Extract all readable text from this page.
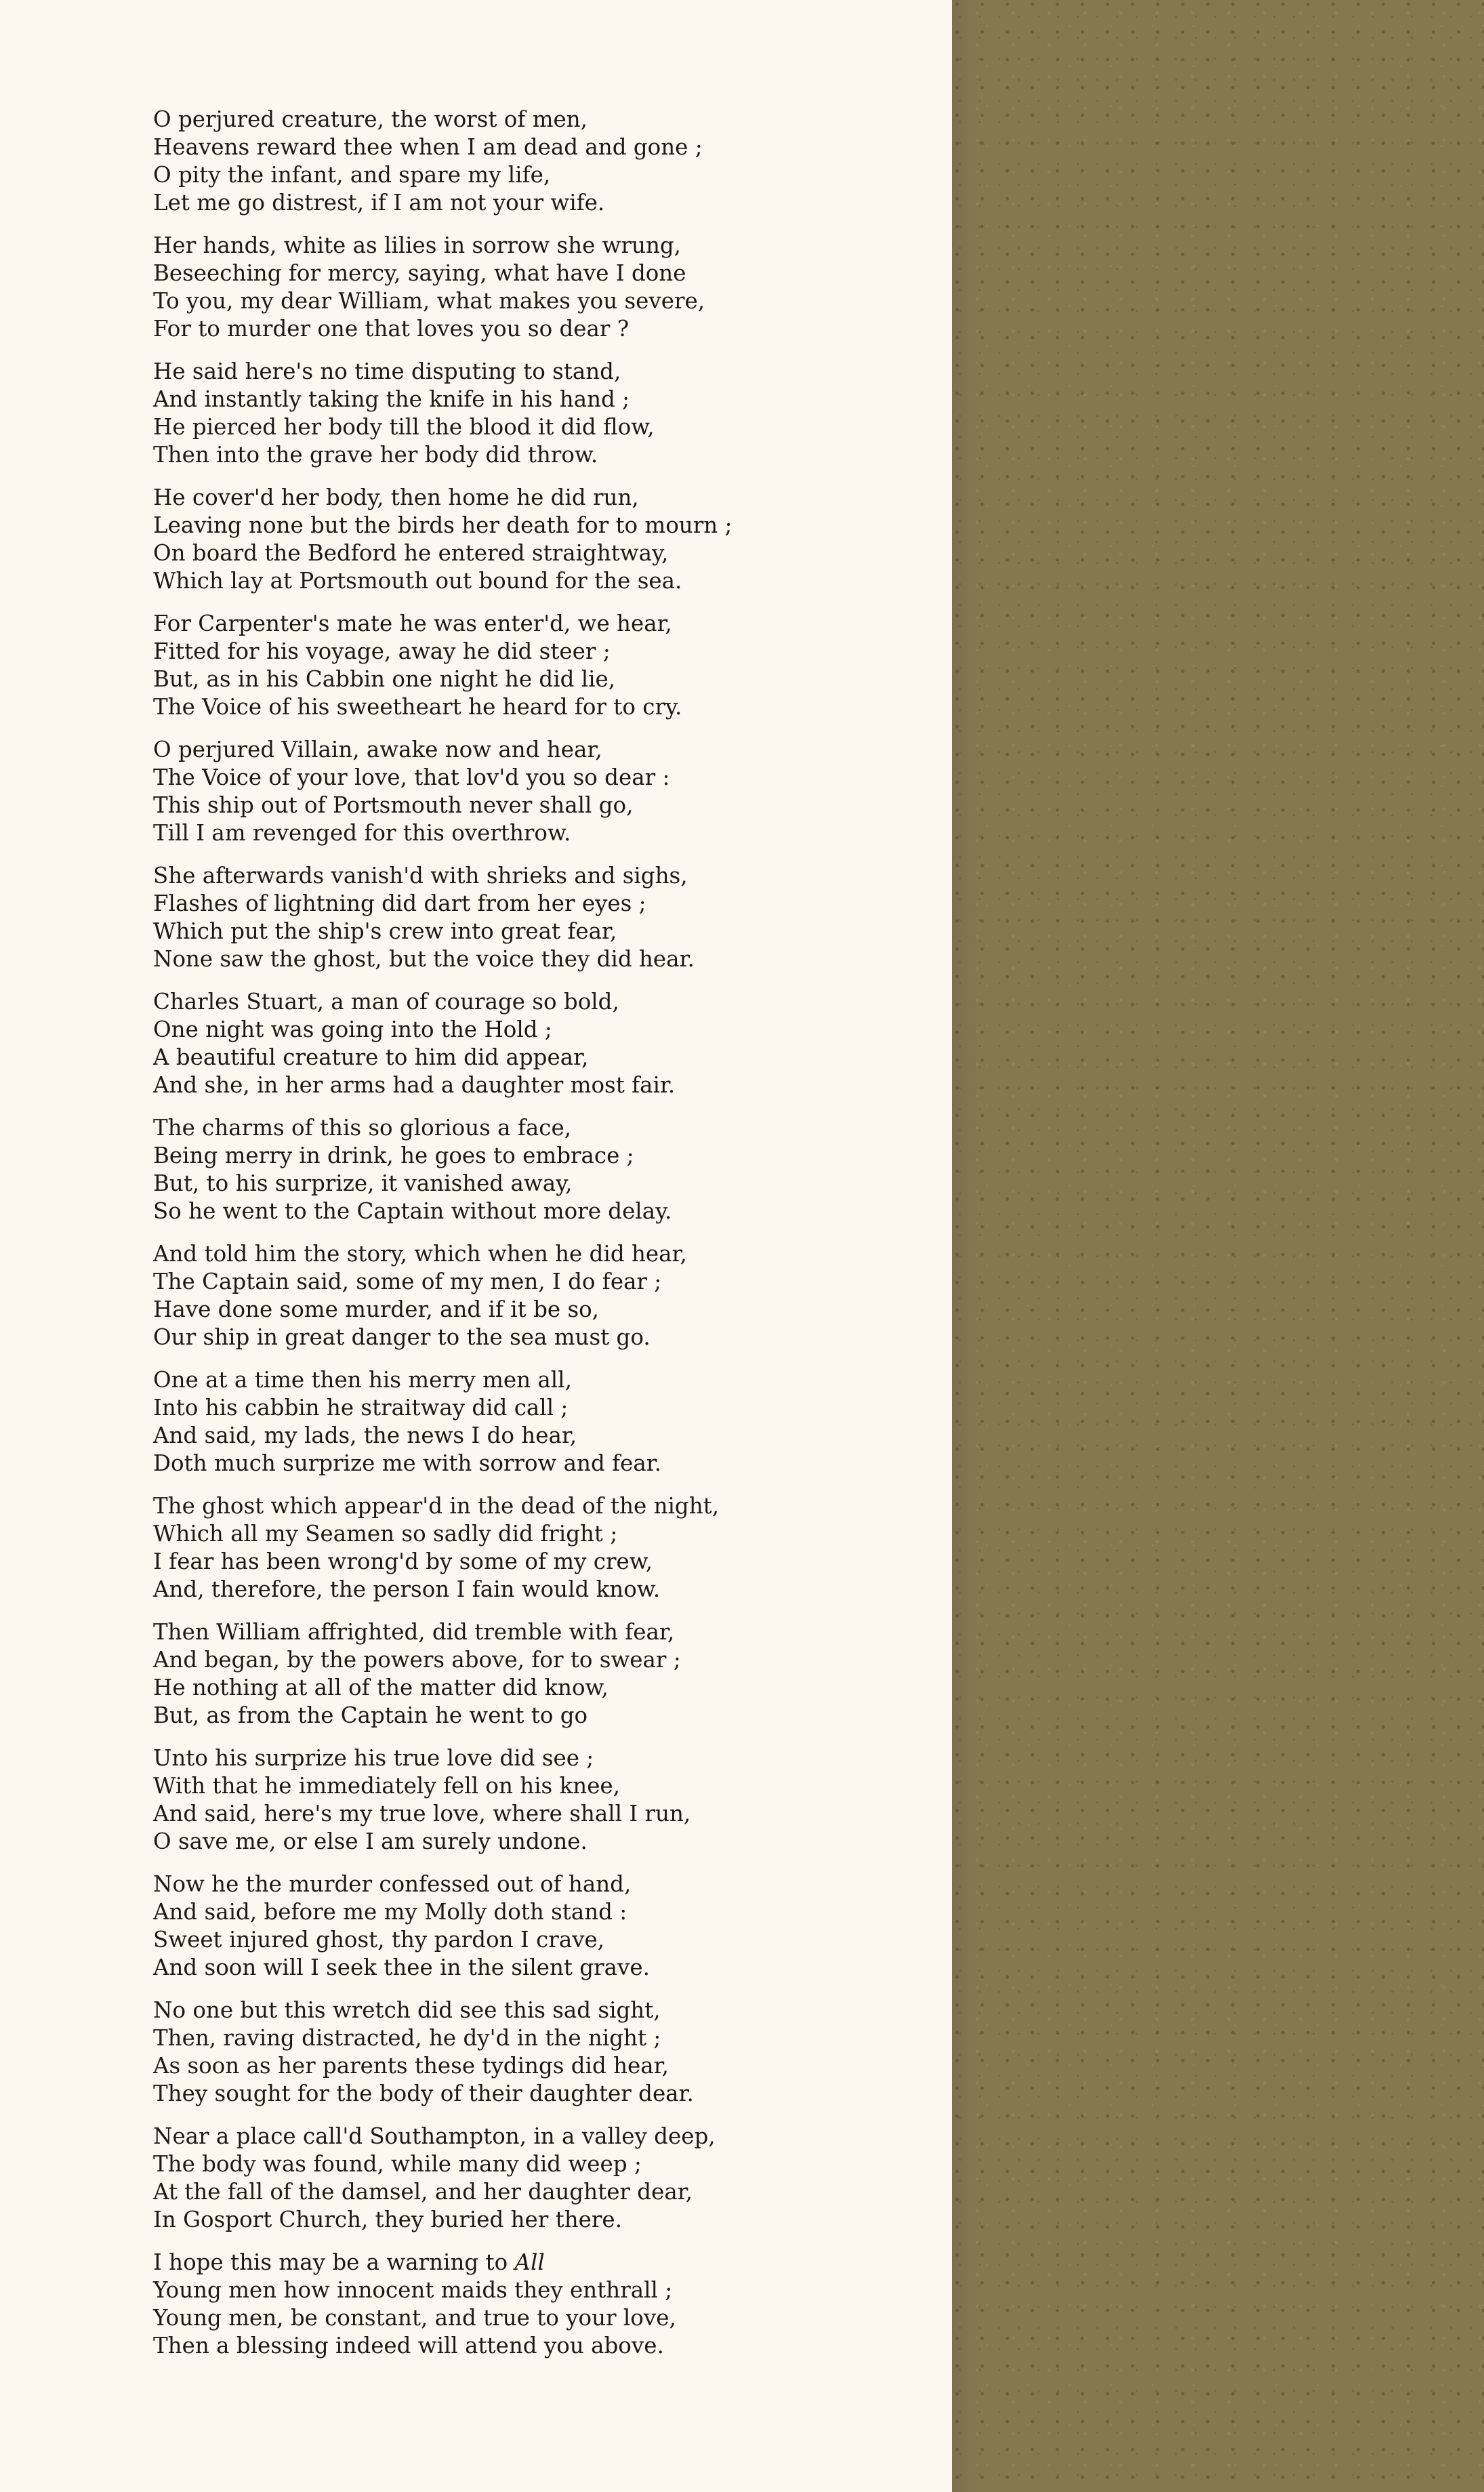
O perjured creature, the worst of men,
Heavens reward thee when I am dead and gone ;
O pity the infant, and spare my life,
Let me go distrest, if I am not your wife.
Her hands, white as lilies in sorrow she wrung,
Beseeching for mercy, saying, what have I done
To you, my dear William, what makes you severe,
For to murder one that loves you so dear ?
He said here's no time disputing to stand,
And instantly taking the knife in his hand ;
He pierced her body till the blood it did flow,
Then into the grave her body did throw.
He cover'd her body, then home he did run,
Leaving none but the birds her death for to mourn ;
On board the Bedford he entered straightway,
Which lay at Portsmouth out bound for the sea.
For Carpenter's mate he was enter'd, we hear,
Fitted for his voyage, away he did steer ;
But, as in his Cabbin one night he did lie,
The Voice of his sweetheart he heard for to cry.
O perjured Villain, awake now and hear,
The Voice of your love, that lov'd you so dear :
This ship out of Portsmouth never shall go,
Till I am revenged for this overthrow.
She afterwards vanish'd with shrieks and sighs,
Flashes of lightning did dart from her eyes ;
Which put the ship's crew into great fear,
None saw the ghost, but the voice they did hear.
Charles Stuart, a man of courage so bold,
One night was going into the Hold ;
A beautiful creature to him did appear,
And she, in her arms had a daughter most fair.
The charms of this so glorious a face,
Being merry in drink, he goes to embrace ;
But, to his surprize, it vanished away,
So he went to the Captain without more delay.
And told him the story, which when he did hear,
The Captain said, some of my men, I do fear ;
Have done some murder, and if it be so,
Our ship in great danger to the sea must go.
One at a time then his merry men all,
Into his cabbin he straitway did call ;
And said, my lads, the news I do hear,
Doth much surprize me with sorrow and fear.
The ghost which appear'd in the dead of the night,
Which all my Seamen so sadly did fright ;
I fear has been wrong'd by some of my crew,
And, therefore, the person I fain would know.
Then William affrighted, did tremble with fear,
And began, by the powers above, for to swear ;
He nothing at all of the matter did know,
But, as from the Captain he went to go
Unto his surprize his true love did see ;
With that he immediately fell on his knee,
And said, here's my true love, where shall I run,
O save me, or else I am surely undone.
Now he the murder confessed out of hand,
And said, before me my Molly doth stand :
Sweet injured ghost, thy pardon I crave,
And soon will I seek thee in the silent grave.
No one but this wretch did see this sad sight,
Then, raving distracted, he dy'd in the night ;
As soon as her parents these tydings did hear,
They sought for the body of their daughter dear.
Near a place call'd Southampton, in a valley deep,
The body was found, while many did weep ;
At the fall of the damsel, and her daughter dear,
In Gosport Church, they buried her there.
I hope this may be a warning to All
Young men how innocent maids they enthrall ;
Young men, be constant, and true to your love,
Then a blessing indeed will attend you above.
